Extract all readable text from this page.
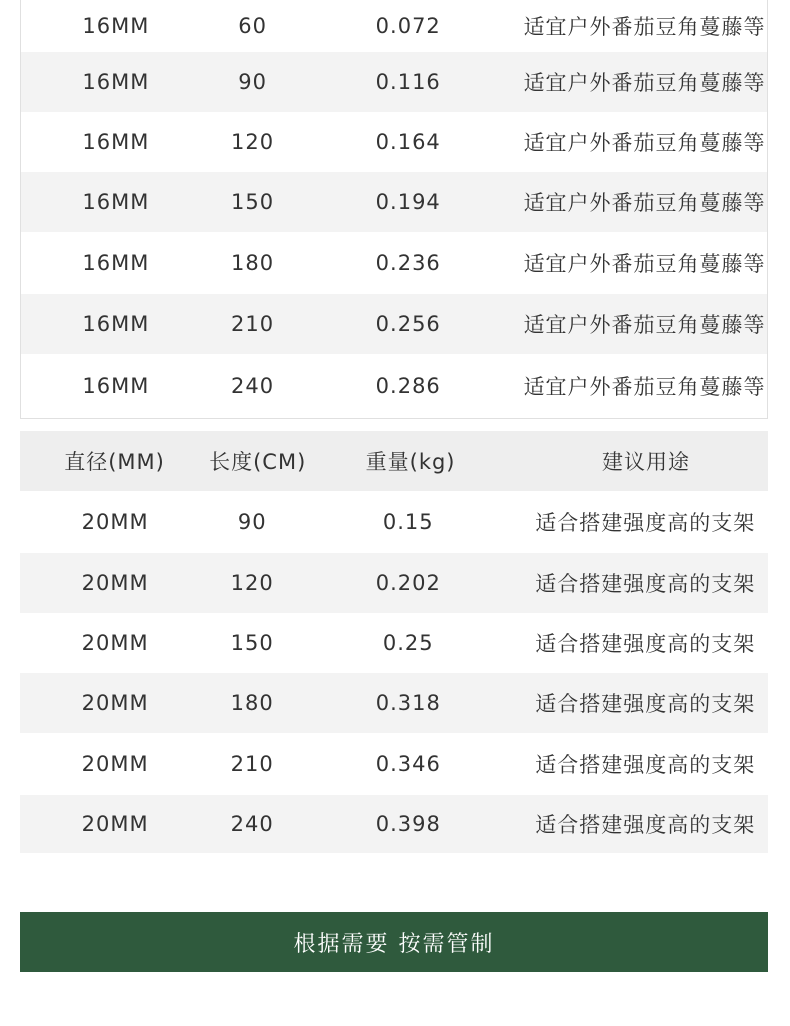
16MM	60	0.072	适宜户外番茄豆角蔓藤等
16MM	90	0.116	适宜户外番茄豆角蔓藤等
16MM	120	0.164	适宜户外番茄豆角蔓藤等
16MM	150	0.194	适宜户外番茄豆角蔓藤等
16MM	180	0.236	适宜户外番茄豆角蔓藤等
16MM	210	0.256	适宜户外番茄豆角蔓藤等
16MM	240	0.286	适宜户外番茄豆角蔓藤等
直径(MM)	长度(CM)	重量(kg)	建议用途
20MM	90	0.15	适合搭建强度高的支架
20MM	120	0.202	适合搭建强度高的支架
20MM	150	0.25	适合搭建强度高的支架
20MM	180	0.318	适合搭建强度高的支架
20MM	210	0.346	适合搭建强度高的支架
20MM	240	0.398	适合搭建强度高的支架
根据需要 按需管制
